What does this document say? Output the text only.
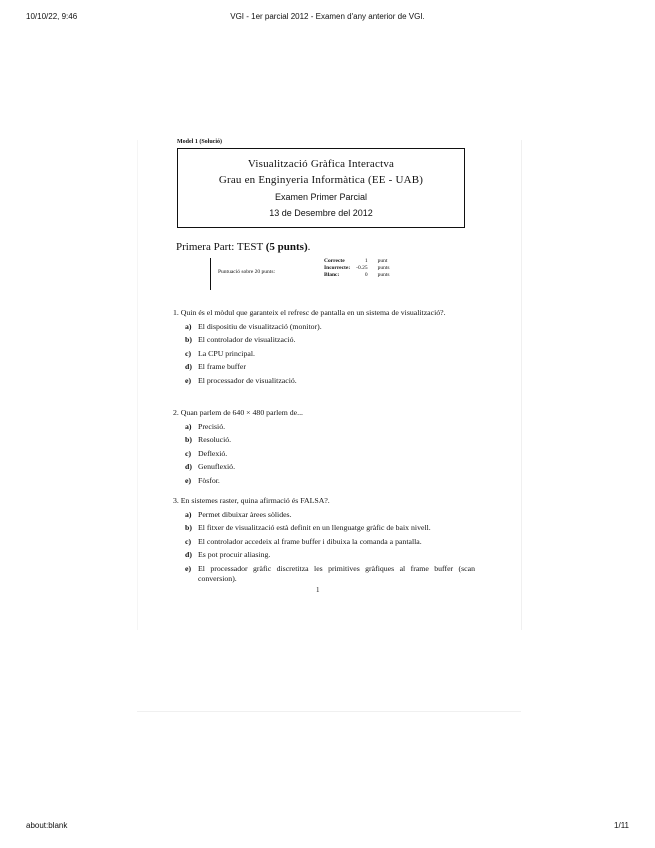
10/10/22, 9:46	VGI - 1er parcial 2012 - Examen d'any anterior de VGI.
Model 1 (Solució)
Visualització Gràfica Interactva
Grau en Enginyeria Informàtica (EE - UAB)
Examen Primer Parcial
13 de Desembre del 2012
Primera Part: TEST (5 punts).
Puntuació sobre 20 punts:
Correcte	1	punt
Incorrecte:	-0.25	punts
Blanc:	0	punts
1. Quin és el mòdul que garanteix el refresc de pantalla en un sistema de visualització?.
a) El dispositiu de visualització (monitor).
b) El controlador de visualització.
c) La CPU principal.
d) El frame buffer
e) El processador de visualització.
2. Quan parlem de 640 × 480 parlem de...
a) Precisió.
b) Resolució.
c) Deflexió.
d) Genuflexió.
e) Fòsfor.
3. En sistemes raster, quina afirmació és FALSA?.
a) Permet dibuixar àrees sòlides.
b) El fitxer de visualització està definit en un llenguatge gràfic de baix nivell.
c) El controlador accedeix al frame buffer i dibuixa la comanda a pantalla.
d) Es pot procuir aliasing.
e) El processador gràfic discretitza les primitives gràfiques al frame buffer (scan conversion).
1
about:blank	1/11
